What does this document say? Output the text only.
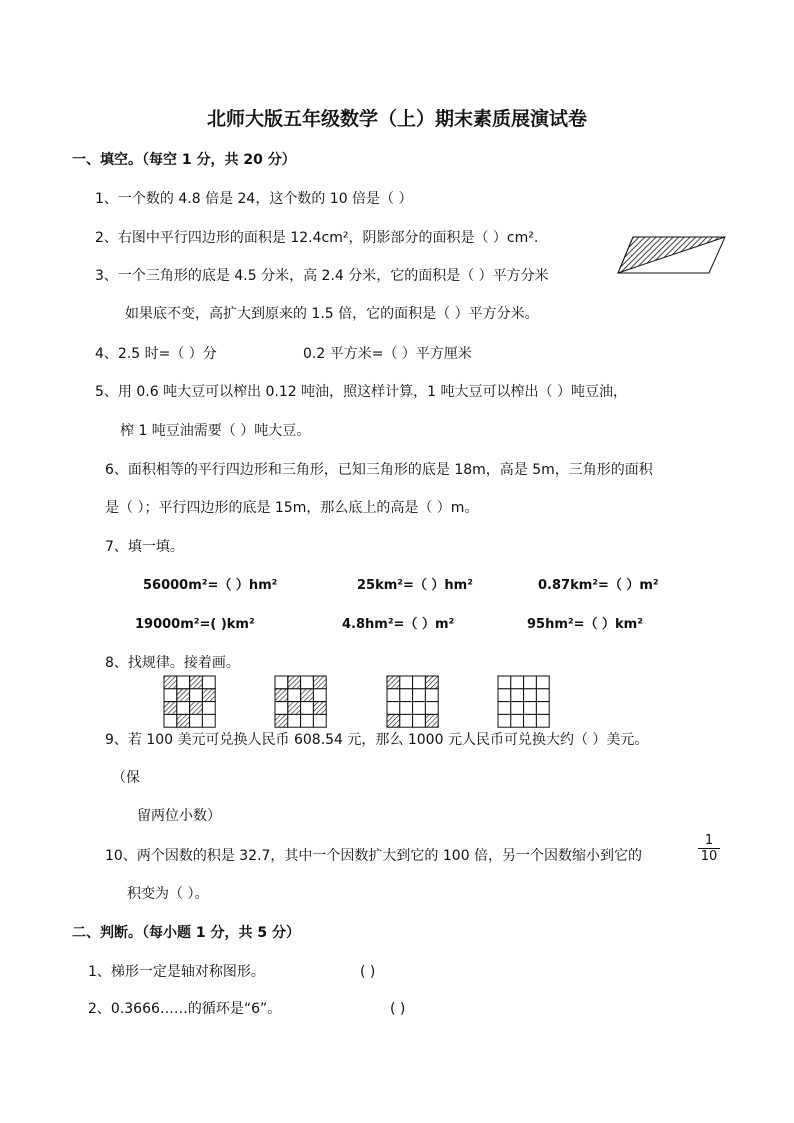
北师大版五年级数学（上）期末素质展演试卷
一、填空。（每空 1 分，共 20 分）
1、一个数的 4.8 倍是 24，这个数的 10 倍是（ ）
2、右图中平行四边形的面积是 12.4cm²，阴影部分的面积是（ ）cm².
3、一个三角形的底是 4.5 分米，高 2.4 分米，它的面积是（ ）平方分米
如果底不变，高扩大到原来的 1.5 倍，它的面积是（ ）平方分米。
4、2.5 时=（ ）分	0.2 平方米=（ ）平方厘米
5、用 0.6 吨大豆可以榨出 0.12 吨油，照这样计算，1 吨大豆可以榨出（ ）吨豆油，
榨 1 吨豆油需要（ ）吨大豆。
6、面积相等的平行四边形和三角形，已知三角形的底是 18m，高是 5m，三角形的面积
是（ ）；平行四边形的底是 15m，那么底上的高是（ ）m。
7、填一填。
56000m²=（ ）hm²	25km²=（ ）hm²	0.87km²=（ ）m²
19000m²=( )km²	4.8hm²=（ ）m²	95hm²=（ ）km²
8、找规律。接着画。
9、若 100 美元可兑换人民币 608.54 元，那么 1000 元人民币可兑换大约（ ）美元。
（保
留两位小数）
10、两个因数的积是 32.7，其中一个因数扩大到它的 100 倍，另一个因数缩小到它的	$\frac{1}{10}$
积变为（ ）。
二、判断。（每小题 1 分，共 5 分）
1、梯形一定是轴对称图形。	( )
2、0.3666……的循环是“6”。	( )
